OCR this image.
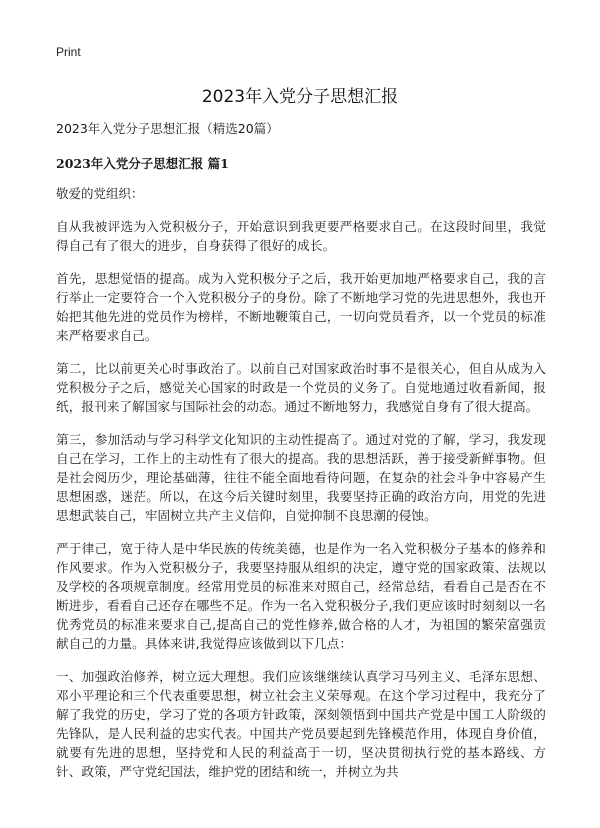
Print
2023年入党分子思想汇报

2023年入党分子思想汇报（精选20篇）

2023年入党分子思想汇报 篇1

敬爱的党组织：

自从我被评选为入党积极分子，开始意识到我更要严格要求自己。在这段时间里，我觉得自己有了很大的进步，自身获得了很好的成长。

首先，思想觉悟的提高。成为入党积极分子之后，我开始更加地严格要求自己，我的言行举止一定要符合一个入党积极分子的身份。除了不断地学习党的先进思想外，我也开始把其他先进的党员作为榜样，不断地鞭策自己，一切向党员看齐，以一个党员的标准来严格要求自己。

第二，比以前更关心时事政治了。以前自己对国家政治时事不是很关心，但自从成为入党积极分子之后，感觉关心国家的时政是一个党员的义务了。自觉地通过收看新闻，报纸，报刊来了解国家与国际社会的动态。通过不断地努力，我感觉自身有了很大提高。

第三，参加活动与学习科学文化知识的主动性提高了。通过对党的了解，学习，我发现自己在学习，工作上的主动性有了很大的提高。我的思想活跃，善于接受新鲜事物。但是社会阅历少，理论基础薄，往往不能全面地看待问题，在复杂的社会斗争中容易产生思想困惑，迷茫。所以，在这今后关键时刻里，我要坚持正确的政治方向，用党的先进思想武装自己，牢固树立共产主义信仰，自觉抑制不良思潮的侵蚀。

严于律己，宽于待人是中华民族的传统美德，也是作为一名入党积极分子基本的修养和作风要求。作为入党积极分子，我要坚持服从组织的决定，遵守党的国家政策、法规以及学校的各项规章制度。经常用党员的标准来对照自己，经常总结，看看自己是否在不断进步，看看自己还存在哪些不足。作为一名入党积极分子,我们更应该时时刻刻以一名优秀党员的标准来要求自己,提高自己的党性修养,做合格的人才，为祖国的繁荣富强贡献自己的力量。具体来讲,我觉得应该做到以下几点：

一、加强政治修养，树立远大理想。我们应该继继续认真学习马列主义、毛泽东思想、邓小平理论和三个代表重要思想，树立社会主义荣辱观。在这个学习过程中，我充分了解了我党的历史，学习了党的各项方针政策，深刻领悟到中国共产党是中国工人阶级的先锋队，是人民利益的忠实代表。中国共产党员要起到先锋模范作用，体现自身价值，就要有先进的思想，坚持党和人民的利益高于一切，坚决贯彻执行党的基本路线、方针、政策，严守党纪国法，维护党的团结和统一，并树立为共
